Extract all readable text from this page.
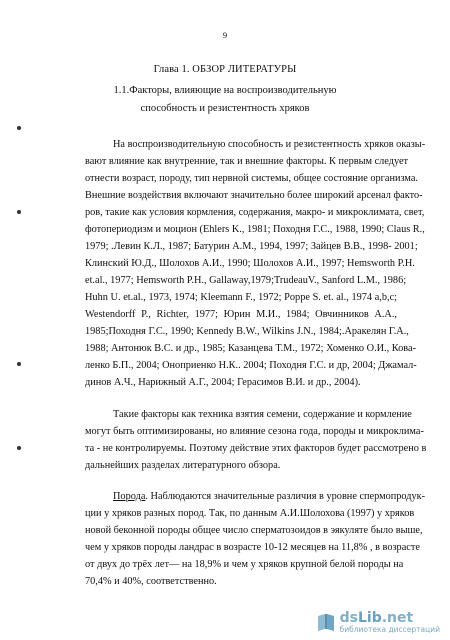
9
Глава 1. ОБЗОР ЛИТЕРАТУРЫ
1.1.Факторы, влияющие на воспроизводительную
способность и резистентность хряков
На воспроизводительную способность и резистентность хряков оказы-
вают влияние как внутренние, так и внешние факторы. К первым следует
отнести возраст, породу, тип нервной системы, общее состояние организма.
Внешние воздействия включают значительно более широкий арсенал факто-
ров, такие как условия кормления, содержания, макро- и микроклимата, свет,
фотопериодизм и моцион (Ehlers K., 1981; Походня Г.С., 1988, 1990; Claus R.,
1979; .Левин К.Л., 1987; Батурин А.М., 1994, 1997; Зайцев В.В., 1998- 2001;
Клинский Ю.Д., Шолохов А.И., 1990; Шолохов А.И., 1997; Hemsworth P.H.
et.al., 1977; Hemsworth P.H., Gallaway,1979;TrudeauV., Sanford L.M., 1986;
Huhn U. et.al., 1973, 1974; Kleemann F., 1972; Poppe S. et. al., 1974 a,b,c;
Westendorff P., Richter, 1977; Юрин М.И., 1984; Овчинников А.А.,
1985;Походня Г.С., 1990; Kennedy B.W., Wilkins J.N., 1984;.Аракелян Г.А.,
1988; Антонюк В.С. и др., 1985; Казанцева Т.М., 1972; Хоменко О.И., Кова-
ленко Б.П., 2004; Оноприенко Н.К.. 2004; Походня Г.С. и др, 2004; Джамал-
динов А.Ч., Нарижный А.Г., 2004; Герасимов В.И. и др., 2004).
Такие факторы как техника взятия семени, содержание и кормление
могут быть оптимизированы, но влияние сезона года, породы и микроклима-
та - не контролируемы. Поэтому действие этих факторов будет рассмотрено в
дальнейших разделах литературного обзора.
Порода. Наблюдаются значительные различия в уровне спермопродук-
ции у хряков разных пород. Так, по данным А.И.Шолохова (1997) у хряков
новой беконной породы общее число сперматозоидов в эякуляте было выше,
чем у хряков породы ландрас в возрасте 10-12 месяцев на 11,8% , в возрасте
от двух до трёх лет— на 18,9% и чем у хряков крупной белой породы на
70,4% и 40%, соответственно.
dsLib.net
библиотека диссертаций
